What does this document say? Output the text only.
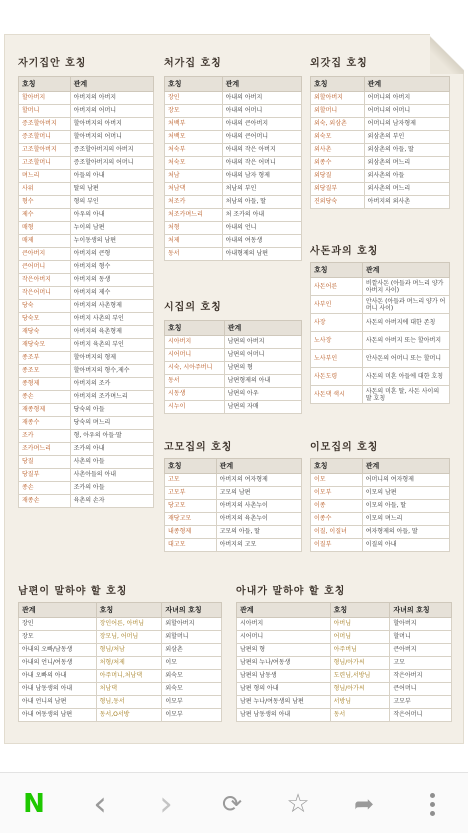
자기집안 호칭
호칭	관계
할아버지	아버지의 아버지
할머니	아버지의 어머니
증조할아버지	할아버지의 아버지
증조할머니	할아버지의 어머니
고조할아버지	증조할아버지의 아버지
고조할머니	증조할아버지의 어머니
며느리	아들의 아내
사위	딸의 남편
형수	형의 부인
제수	아우의 아내
매형	누이의 남편
매제	누이동생의 남편
큰아버지	아버지의 큰형
큰어머니	아버지의 형수
작은아버지	아버지의 동생
작은어머니	아버지의 제수
당숙	아버지의 사촌형제
당숙모	아버지 사촌의 부인
재당숙	아버지의 육촌형제
재당숙모	아버지 육촌의 부인
종조부	할아버지의 형제
종조모	할아버지의 형수,제수
종형제	아버지의 조카
종손	아버지의 조카며느리
재종형제	당숙의 아들
재종수	당숙의 며느리
조카	형, 아우의 아들·딸
조카며느리	조카의 아내
당질	사촌의 아들
당질부	사촌아들의 아내
종손	조카의 아들
재종손	육촌의 손자
처가집 호칭
호칭	관계
장인	아내의 아버지
장모	아내의 어머니
처백부	아내의 큰아버지
처백모	아내의 큰어머니
처숙부	아내의 작은 아버지
처숙모	아내의 작은 어머니
처남	아내의 남자 형제
처남댁	처남의 부인
처조카	처남의 아들, 딸
처조카며느리	처 조카의 아내
처형	아내의 언니
처제	아내의 여동생
동서	아내형제의 남편
외갓집 호칭
호칭	관계
외할아버지	어머니의 아버지
외할머니	어머니의 어머니
외숙, 외삼촌	어머니의 남자형제
외숙모	외삼촌의 부인
외사촌	외삼촌의 아들, 딸
외종수	외삼촌의 며느리
외당질	외사촌의 아들
외당질부	외사촌의 며느리
진외당숙	아버지의 외사촌
사돈과의 호칭
호칭	관계
사돈어른	비깥사돈 (아들과 며느리 양가 아버지 사이)
사부인	안사돈 (아들과 며느리 양가 어머니 사이)
사장	사돈의 아버지에 대한 존칭
노사장	사돈의 아버지 또는 할아버지
노사부인	안사돈의 어머니 또는 할머니
사돈도령	사돈의 미혼 아들에 대한 호칭
사돈댁 색시	사돈의 미혼 딸, 사돈 사이의 딸 호칭
시집의 호칭
호칭	관계
시아버지	남편의 아버지
시어머니	남편의 어머니
시숙, 시아주버니	남편의 형
동서	남편형제의 아내
시동생	남편의 아우
시누이	남편의 자매
고모집의 호칭
호칭	관계
고모	아버지의 여자형제
고모부	고모의 남편
당고모	아버지의 사촌누이
재당고모	아버지의 육촌누이
내종형제	고모의 아들, 딸
대고모	아버지의 고모
이모집의 호칭
호칭	관계
이모	어머니의 여자형제
이모부	이모의 남편
이종	이모의 아들, 딸
이종수	이모의 며느리
이질, 이질녀	여자형제의 아들, 딸
이질부	이질의 아내
남편이 말하야 할 호칭
관계	호칭	자녀의 호칭
장인	장인어른, 아버님	외할아버지
장모	장모님, 어머님	외할머니
아내의 오빠/남동생	형님/처남	외삼촌
아내의 언니/여동생	처형/처제	이모
아내 오빠의 아내	아주머니,처남댁	외숙모
아내 남동생의 아내	처남댁	외숙모
아내 언니의 남편	형님,동서	이모부
아내 여동생의 남편	동서,O서방	이모부
아내가 말하야 할 호칭
관계	호칭	자녀의 호칭
시아버지	아버님	할아버지
시어머니	어머님	할머니
남편의 형	아주버님	큰아버지
남편의 누나/여동생	형님/아가씨	고모
남편의 남동생	도련님,서방님	작은아버지
남편 형의 아내	형님/아가씨	큰어머니
남편 누나/여동생의 남편	서방님	고모부
남편 남동생의 아내	동서	작은어머니
N ‹ › ⟳ ☆ ➦
